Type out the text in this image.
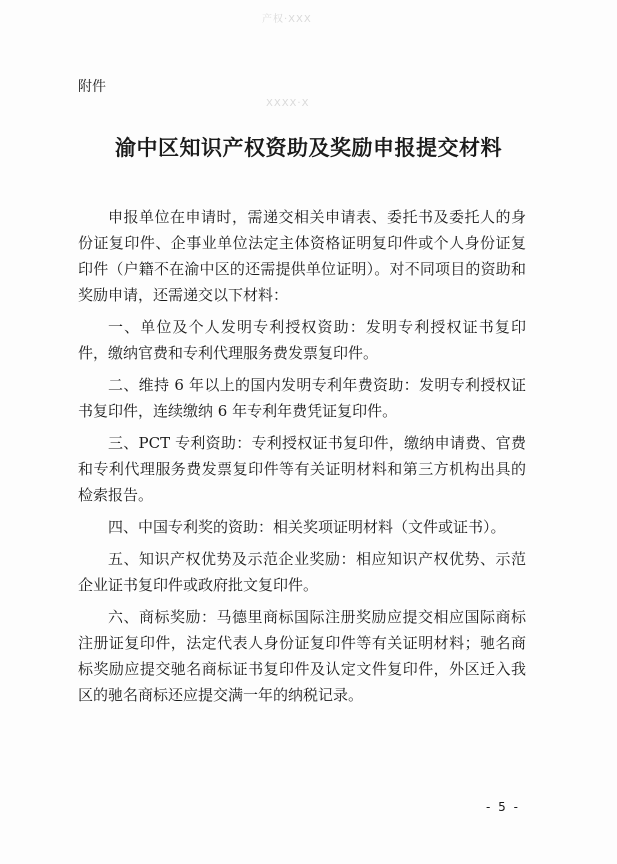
产权·XXX
XXXX·X
附件
渝中区知识产权资助及奖励申报提交材料

申报单位在申请时，需递交相关申请表、委托书及委托人的身份证复印件、企事业单位法定主体资格证明复印件或个人身份证复印件（户籍不在渝中区的还需提供单位证明）。对不同项目的资助和奖励申请，还需递交以下材料：

一、单位及个人发明专利授权资助：发明专利授权证书复印件，缴纳官费和专利代理服务费发票复印件。

二、维持 6 年以上的国内发明专利年费资助：发明专利授权证书复印件，连续缴纳 6 年专利年费凭证复印件。

三、PCT 专利资助：专利授权证书复印件，缴纳申请费、官费和专利代理服务费发票复印件等有关证明材料和第三方机构出具的检索报告。

四、中国专利奖的资助：相关奖项证明材料（文件或证书）。

五、知识产权优势及示范企业奖励：相应知识产权优势、示范企业证书复印件或政府批文复印件。

六、商标奖励：马德里商标国际注册奖励应提交相应国际商标注册证复印件，法定代表人身份证复印件等有关证明材料；驰名商标奖励应提交驰名商标证书复印件及认定文件复印件，外区迁入我区的驰名商标还应提交满一年的纳税记录。

- 5 -
